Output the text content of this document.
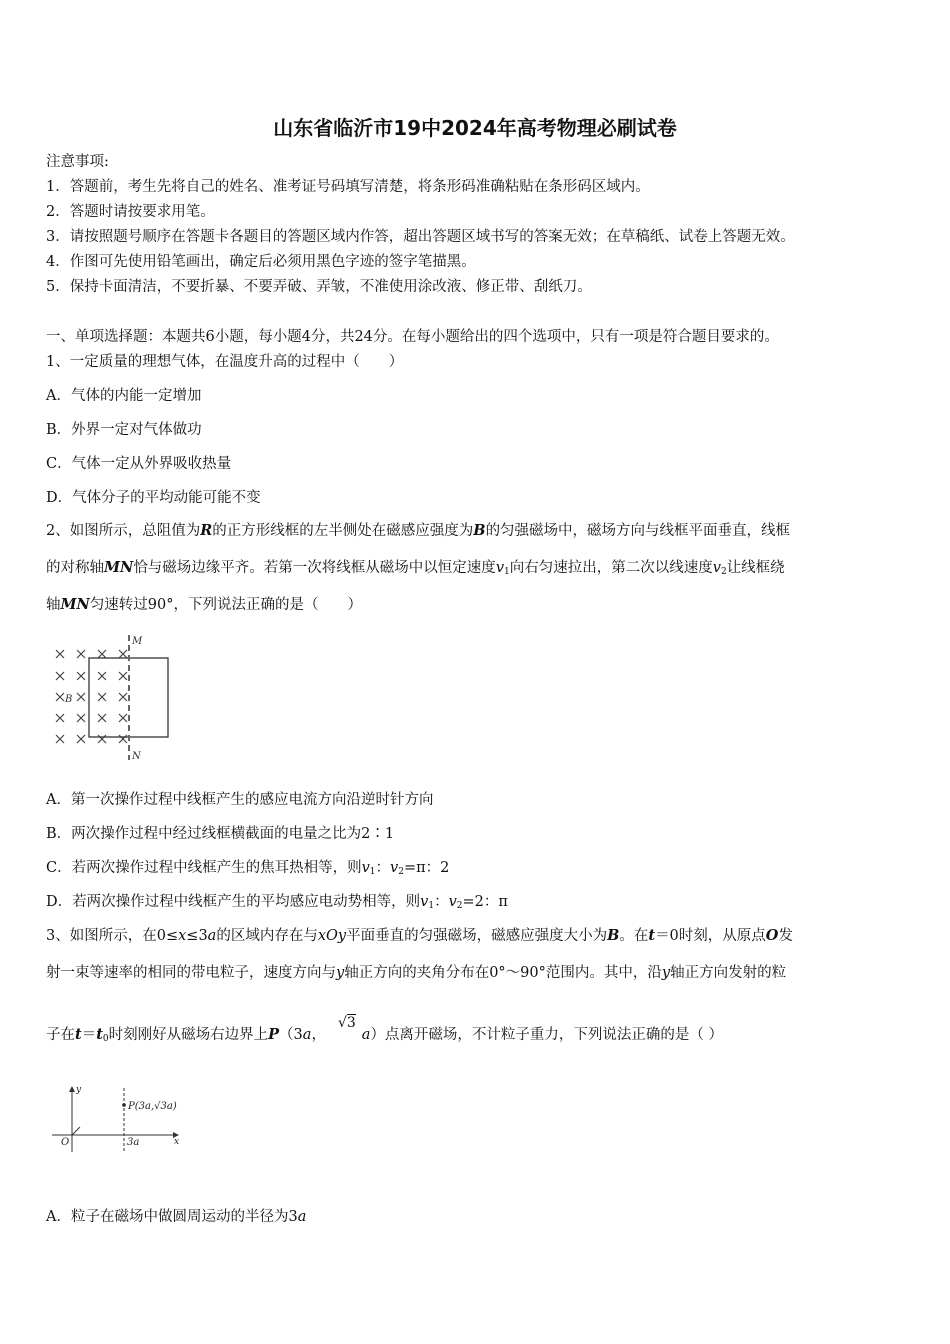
山东省临沂市19中2024年高考物理必刷试卷
注意事项:
1．答题前，考生先将自己的姓名、准考证号码填写清楚，将条形码准确粘贴在条形码区域内。
2．答题时请按要求用笔。
3．请按照题号顺序在答题卡各题目的答题区域内作答，超出答题区域书写的答案无效；在草稿纸、试卷上答题无效。
4．作图可先使用铅笔画出，确定后必须用黑色字迹的签字笔描黑。
5．保持卡面清洁，不要折暴、不要弄破、弄皱，不准使用涂改液、修正带、刮纸刀。
一、单项选择题：本题共6小题，每小题4分，共24分。在每小题给出的四个选项中，只有一项是符合题目要求的。
1、一定质量的理想气体，在温度升高的过程中（　　）
A．气体的内能一定增加
B．外界一定对气体做功
C．气体一定从外界吸收热量
D．气体分子的平均动能可能不变
2、如图所示，总阻值为R的正方形线框的左半侧处在磁感应强度为B的匀强磁场中，磁场方向与线框平面垂直，线框
的对称轴MN恰与磁场边缘平齐。若第一次将线框从磁场中以恒定速度$v_1$向右匀速拉出，第二次以线速度$v_2$让线框绕
轴MN匀速转过90°，下列说法正确的是（　　）
M
N
B
A．第一次操作过程中线框产生的感应电流方向沿逆时针方向
B．两次操作过程中经过线框横截面的电量之比为2∶1
C．若两次操作过程中线框产生的焦耳热相等，则$v_1$：$v_2=\pi$：2
D．若两次操作过程中线框产生的平均感应电动势相等，则$v_1$：$v_2=2$：π
3、如图所示，在0≤x≤3a的区域内存在与xOy平面垂直的匀强磁场，磁感应强度大小为B。在t＝0时刻，从原点O发
射一束等速率的相同的带电粒子，速度方向与y轴正方向的夹角分布在0°～90°范围内。其中，沿y轴正方向发射的粒
子在$t=t_0$时刻刚好从磁场右边界上P（3a，√3a）点离开磁场，不计粒子重力，下列说法正确的是（ ）
P(3a,√3a)
y
x
O	3a
A．粒子在磁场中做圆周运动的半径为3a
